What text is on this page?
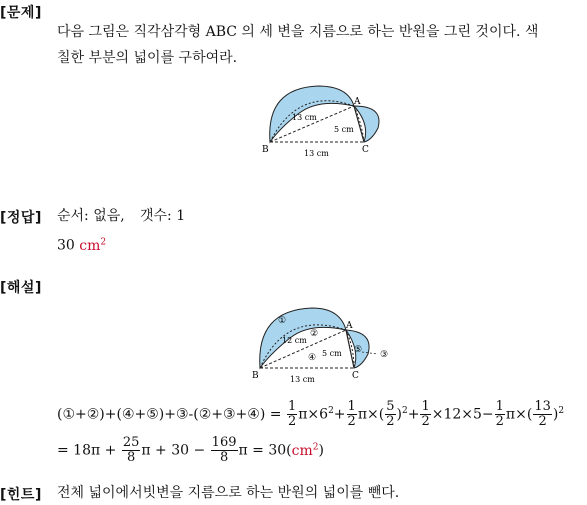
[문제]
다음 그림은 직각삼각형 ABC 의 세 변을 지름으로 하는 반원을 그린 것이다. 색
칠한 부분의 넓이를 구하여라.
A
B	C
13 cm
5 cm
13 cm
[정답] 순서: 없음, 갯수: 1
30 $cm^2$
[해설]
A
B	C
12 cm
5 cm
13 cm
①
②
③
④
⑤
(①+②)+(④+⑤)+③-(②+③+④) = $\frac{1}{2} \pi\times 6^2+ \frac{1}{2} \pi\times( \frac{5}{2} )^2+ \frac{1}{2} \times 12\times 5- \frac{1}{2} \pi\times( \frac{13}{2} )^2$
= $18\pi + \frac{25}{8}$ $\pi + 30 - \frac{169}{8}$ $\pi = 30(cm^2)$
[힌트] 전체 넓이에서빗변을 지름으로 하는 반원의 넓이를 뺀다.
